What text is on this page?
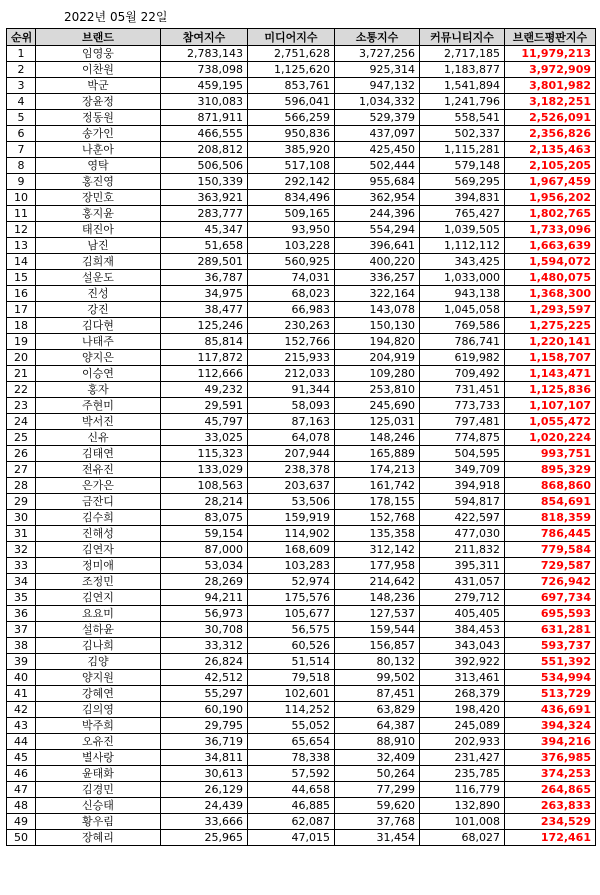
2022년 05월 22일
순위	브랜드	참여지수	미디어지수	소통지수	커뮤니티지수	브랜드평판지수
1	임영웅	2,783,143	2,751,628	3,727,256	2,717,185	11,979,213
2	이찬원	738,098	1,125,620	925,314	1,183,877	3,972,909
3	박군	459,195	853,761	947,132	1,541,894	3,801,982
4	장윤정	310,083	596,041	1,034,332	1,241,796	3,182,251
5	정동원	871,911	566,259	529,379	558,541	2,526,091
6	송가인	466,555	950,836	437,097	502,337	2,356,826
7	나훈아	208,812	385,920	425,450	1,115,281	2,135,463
8	영탁	506,506	517,108	502,444	579,148	2,105,205
9	홍진영	150,339	292,142	955,684	569,295	1,967,459
10	장민호	363,921	834,496	362,954	394,831	1,956,202
11	홍지윤	283,777	509,165	244,396	765,427	1,802,765
12	태진아	45,347	93,950	554,294	1,039,505	1,733,096
13	남진	51,658	103,228	396,641	1,112,112	1,663,639
14	김희재	289,501	560,925	400,220	343,425	1,594,072
15	설운도	36,787	74,031	336,257	1,033,000	1,480,075
16	진성	34,975	68,023	322,164	943,138	1,368,300
17	강진	38,477	66,983	143,078	1,045,058	1,293,597
18	김다현	125,246	230,263	150,130	769,586	1,275,225
19	나태주	85,814	152,766	194,820	786,741	1,220,141
20	양지은	117,872	215,933	204,919	619,982	1,158,707
21	이승연	112,666	212,033	109,280	709,492	1,143,471
22	홍자	49,232	91,344	253,810	731,451	1,125,836
23	주현미	29,591	58,093	245,690	773,733	1,107,107
24	박서진	45,797	87,163	125,031	797,481	1,055,472
25	신유	33,025	64,078	148,246	774,875	1,020,224
26	김태연	115,323	207,944	165,889	504,595	993,751
27	전유진	133,029	238,378	174,213	349,709	895,329
28	은가은	108,563	203,637	161,742	394,918	868,860
29	금잔디	28,214	53,506	178,155	594,817	854,691
30	김수희	83,075	159,919	152,768	422,597	818,359
31	진해성	59,154	114,902	135,358	477,030	786,445
32	김연자	87,000	168,609	312,142	211,832	779,584
33	정미애	53,034	103,283	177,958	395,311	729,587
34	조정민	28,269	52,974	214,642	431,057	726,942
35	김연지	94,211	175,576	148,236	279,712	697,734
36	요요미	56,973	105,677	127,537	405,405	695,593
37	설하윤	30,708	56,575	159,544	384,453	631,281
38	김나희	33,312	60,526	156,857	343,043	593,737
39	김양	26,824	51,514	80,132	392,922	551,392
40	양지원	42,512	79,518	99,502	313,461	534,994
41	강혜연	55,297	102,601	87,451	268,379	513,729
42	김의영	60,190	114,252	63,829	198,420	436,691
43	박주희	29,795	55,052	64,387	245,089	394,324
44	오유진	36,719	65,654	88,910	202,933	394,216
45	별사랑	34,811	78,338	32,409	231,427	376,985
46	윤태화	30,613	57,592	50,264	235,785	374,253
47	김경민	26,129	44,658	77,299	116,779	264,865
48	신승태	24,439	46,885	59,620	132,890	263,833
49	황우림	33,666	62,087	37,768	101,008	234,529
50	장혜리	25,965	47,015	31,454	68,027	172,461
